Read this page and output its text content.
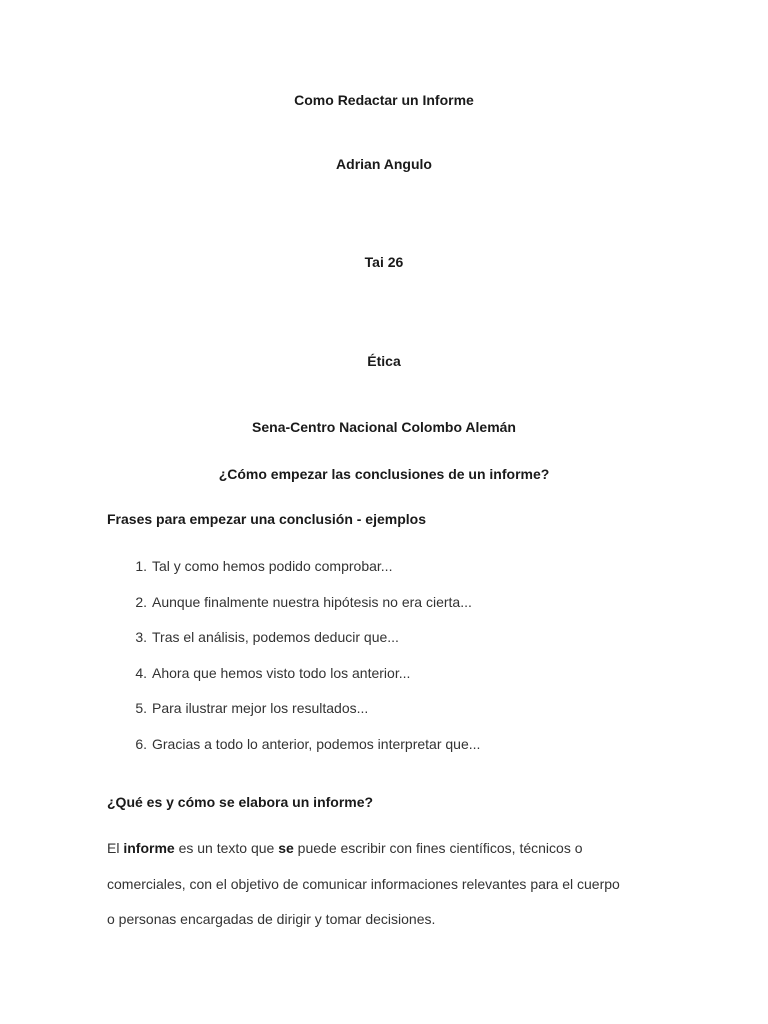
Como Redactar un Informe
Adrian Angulo
Tai 26
Ética
Sena-Centro Nacional Colombo Alemán
¿Cómo empezar las conclusiones de un informe?
Frases para empezar una conclusión - ejemplos
1. Tal y como hemos podido comprobar...
2. Aunque finalmente nuestra hipótesis no era cierta...
3. Tras el análisis, podemos deducir que...
4. Ahora que hemos visto todo los anterior...
5. Para ilustrar mejor los resultados...
6. Gracias a todo lo anterior, podemos interpretar que...
¿Qué es y cómo se elabora un informe?
El informe es un texto que se puede escribir con fines científicos, técnicos o
comerciales, con el objetivo de comunicar informaciones relevantes para el cuerpo
o personas encargadas de dirigir y tomar decisiones.
